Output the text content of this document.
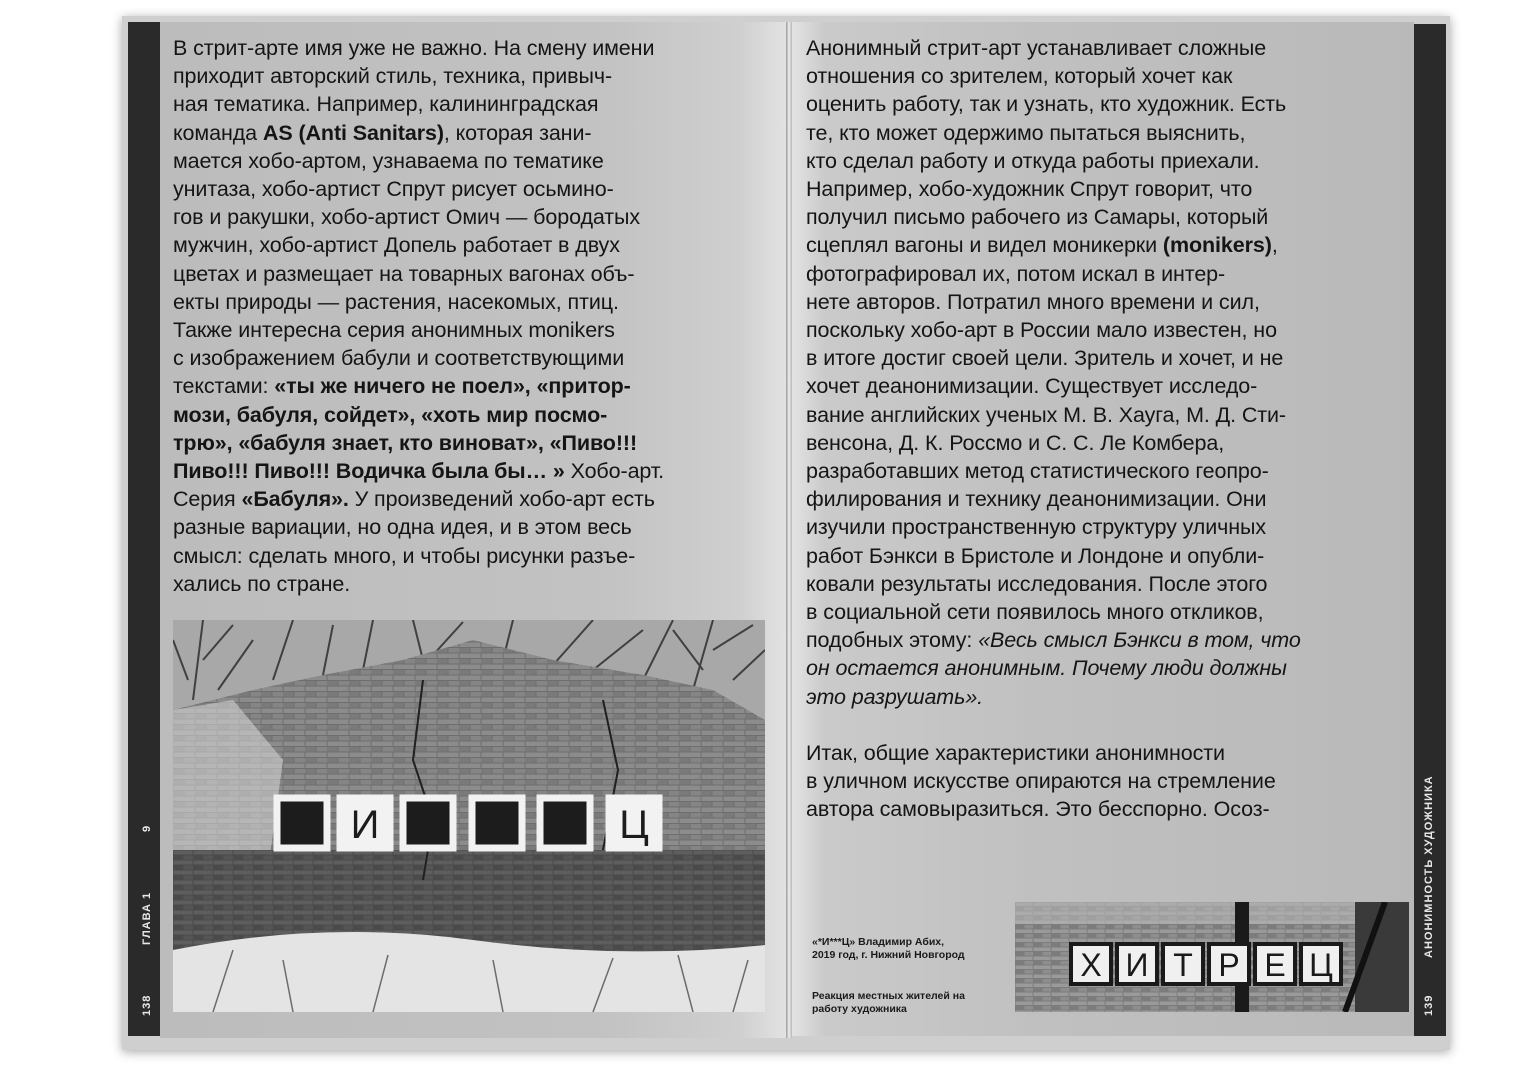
138
ГЛАВА 1
9
139
АНОНИМНОСТЬ ХУДОЖНИКА
В стрит-арте имя уже не важно. На смену имени
приходит авторский стиль, техника, привыч-
ная тематика. Например, калининградская
команда AS (Anti Sanitars), которая зани-
мается хобо-артом, узнаваема по тематике
унитаза, хобо-артист Спрут рисует осьмино-
гов и ракушки, хобо-артист Омич — бородатых
мужчин, хобо-артист Допель работает в двух
цветах и размещает на товарных вагонах объ-
екты природы — растения, насекомых, птиц.
Также интересна серия анонимных monikers
с изображением бабули и соответствующими
текстами: «ты же ничего не поел», «притор-
мози, бабуля, сойдет», «хоть мир посмо-
трю», «бабуля знает, кто виноват», «Пиво!!!
Пиво!!! Пиво!!! Водичка была бы… » Хобо-арт.
Серия «Бабуля». У произведений хобо-арт есть
разные вариации, но одна идея, и в этом весь
смысл: сделать много, и чтобы рисунки разъе-
хались по стране.
И	Ц
Анонимный стрит-арт устанавливает сложные
отношения со зрителем, который хочет как
оценить работу, так и узнать, кто художник. Есть
те, кто может одержимо пытаться выяснить,
кто сделал работу и откуда работы приехали.
Например, хобо-художник Спрут говорит, что
получил письмо рабочего из Самары, который
сцеплял вагоны и видел моникерки (monikers),
фотографировал их, потом искал в интер-
нете авторов. Потратил много времени и сил,
поскольку хобо-арт в России мало известен, но
в итоге достиг своей цели. Зритель и хочет, и не
хочет деанонимизации. Существует исследо-
вание английских ученых М. В. Хауга, М. Д. Сти-
венсона, Д. К. Россмо и С. С. Ле Комбера,
разработавших метод статистического геопро-
филирования и технику деанонимизации. Они
изучили пространственную структуру уличных
работ Бэнкси в Бристоле и Лондоне и опубли-
ковали результаты исследования. После этого
в социальной сети появилось много откликов,
подобных этому: «Весь смысл Бэнкси в том, что
он остается анонимным. Почему люди должны
это разрушать».

Итак, общие характеристики анонимности
в уличном искусстве опираются на стремление
автора самовыразиться. Это бесспорно. Осоз-
«*И***Ц» Владимир Абих,
2019 год, г. Нижний Новгород
Реакция местных жителей на
работу художника
Х И Т Р Е Ц
